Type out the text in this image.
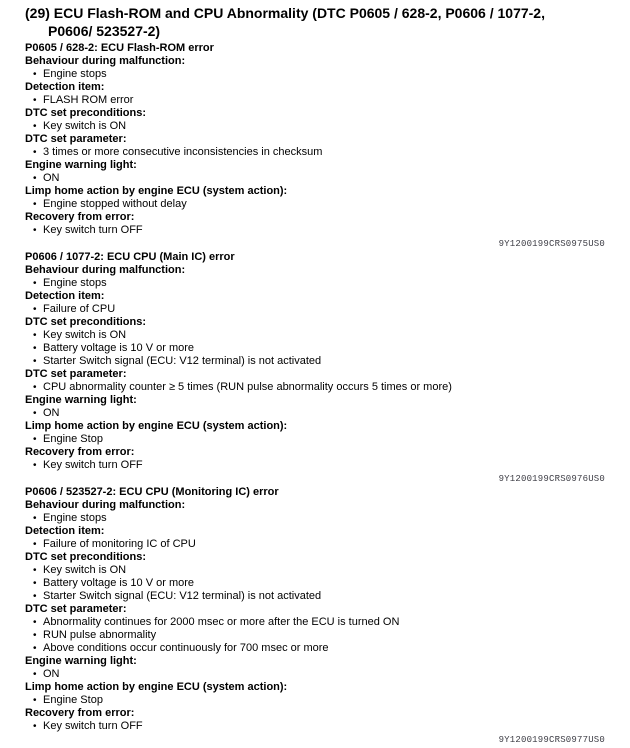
(29) ECU Flash-ROM and CPU Abnormality (DTC P0605 / 628-2, P0606 / 1077-2,
P0606/ 523527-2)
P0605 / 628-2: ECU Flash-ROM error
Behaviour during malfunction:
• Engine stops
Detection item:
• FLASH ROM error
DTC set preconditions:
• Key switch is ON
DTC set parameter:
• 3 times or more consecutive inconsistencies in checksum
Engine warning light:
• ON
Limp home action by engine ECU (system action):
• Engine stopped without delay
Recovery from error:
• Key switch turn OFF
9Y1200199CRS0975US0
P0606 / 1077-2: ECU CPU (Main IC) error
Behaviour during malfunction:
• Engine stops
Detection item:
• Failure of CPU
DTC set preconditions:
• Key switch is ON
• Battery voltage is 10 V or more
• Starter Switch signal (ECU: V12 terminal) is not activated
DTC set parameter:
• CPU abnormality counter ≥ 5 times (RUN pulse abnormality occurs 5 times or more)
Engine warning light:
• ON
Limp home action by engine ECU (system action):
• Engine Stop
Recovery from error:
• Key switch turn OFF
9Y1200199CRS0976US0
P0606 / 523527-2: ECU CPU (Monitoring IC) error
Behaviour during malfunction:
• Engine stops
Detection item:
• Failure of monitoring IC of CPU
DTC set preconditions:
• Key switch is ON
• Battery voltage is 10 V or more
• Starter Switch signal (ECU: V12 terminal) is not activated
DTC set parameter:
• Abnormality continues for 2000 msec or more after the ECU is turned ON
• RUN pulse abnormality
• Above conditions occur continuously for 700 msec or more
Engine warning light:
• ON
Limp home action by engine ECU (system action):
• Engine Stop
Recovery from error:
• Key switch turn OFF
9Y1200199CRS0977US0
